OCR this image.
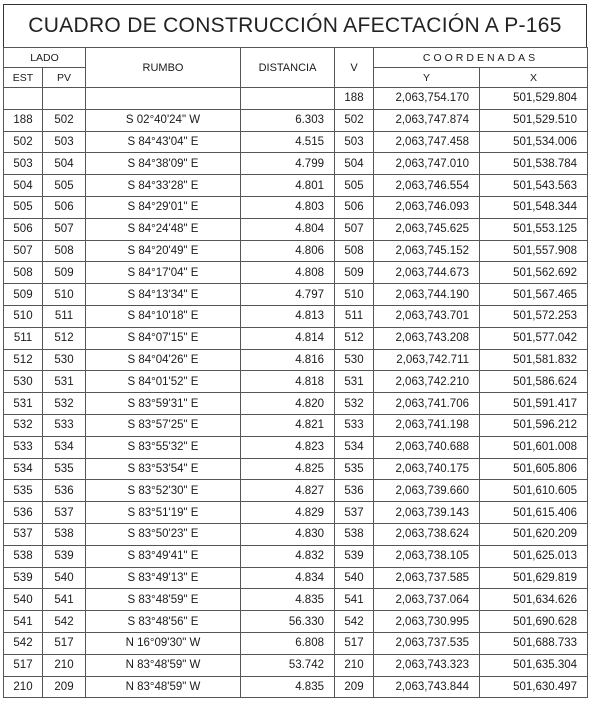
CUADRO DE CONSTRUCCIÓN AFECTACIÓN A P-165
LADO		RUMBO	DISTANCIA	V	COORDENADAS	
EST	PV				Y	X
				188	2,063,754.170	501,529.804
188	502	S 02°40'24" W	6.303	502	2,063,747.874	501,529.510
502	503	S 84°43'04" E	4.515	503	2,063,747.458	501,534.006
503	504	S 84°38'09" E	4.799	504	2,063,747.010	501,538.784
504	505	S 84°33'28" E	4.801	505	2,063,746.554	501,543.563
505	506	S 84°29'01" E	4.803	506	2,063,746.093	501,548.344
506	507	S 84°24'48" E	4.804	507	2,063,745.625	501,553.125
507	508	S 84°20'49" E	4.806	508	2,063,745.152	501,557.908
508	509	S 84°17'04" E	4.808	509	2,063,744.673	501,562.692
509	510	S 84°13'34" E	4.797	510	2,063,744.190	501,567.465
510	511	S 84°10'18" E	4.813	511	2,063,743.701	501,572.253
511	512	S 84°07'15" E	4.814	512	2,063,743.208	501,577.042
512	530	S 84°04'26" E	4.816	530	2,063,742.711	501,581.832
530	531	S 84°01'52" E	4.818	531	2,063,742.210	501,586.624
531	532	S 83°59'31" E	4.820	532	2,063,741.706	501,591.417
532	533	S 83°57'25" E	4.821	533	2,063,741.198	501,596.212
533	534	S 83°55'32" E	4.823	534	2,063,740.688	501,601.008
534	535	S 83°53'54" E	4.825	535	2,063,740.175	501,605.806
535	536	S 83°52'30" E	4.827	536	2,063,739.660	501,610.605
536	537	S 83°51'19" E	4.829	537	2,063,739.143	501,615.406
537	538	S 83°50'23" E	4.830	538	2,063,738.624	501,620.209
538	539	S 83°49'41" E	4.832	539	2,063,738.105	501,625.013
539	540	S 83°49'13" E	4.834	540	2,063,737.585	501,629.819
540	541	S 83°48'59" E	4.835	541	2,063,737.064	501,634.626
541	542	S 83°48'56" E	56.330	542	2,063,730.995	501,690.628
542	517	N 16°09'30" W	6.808	517	2,063,737.535	501,688.733
517	210	N 83°48'59" W	53.742	210	2,063,743.323	501,635.304
210	209	N 83°48'59" W	4.835	209	2,063,743.844	501,630.497
